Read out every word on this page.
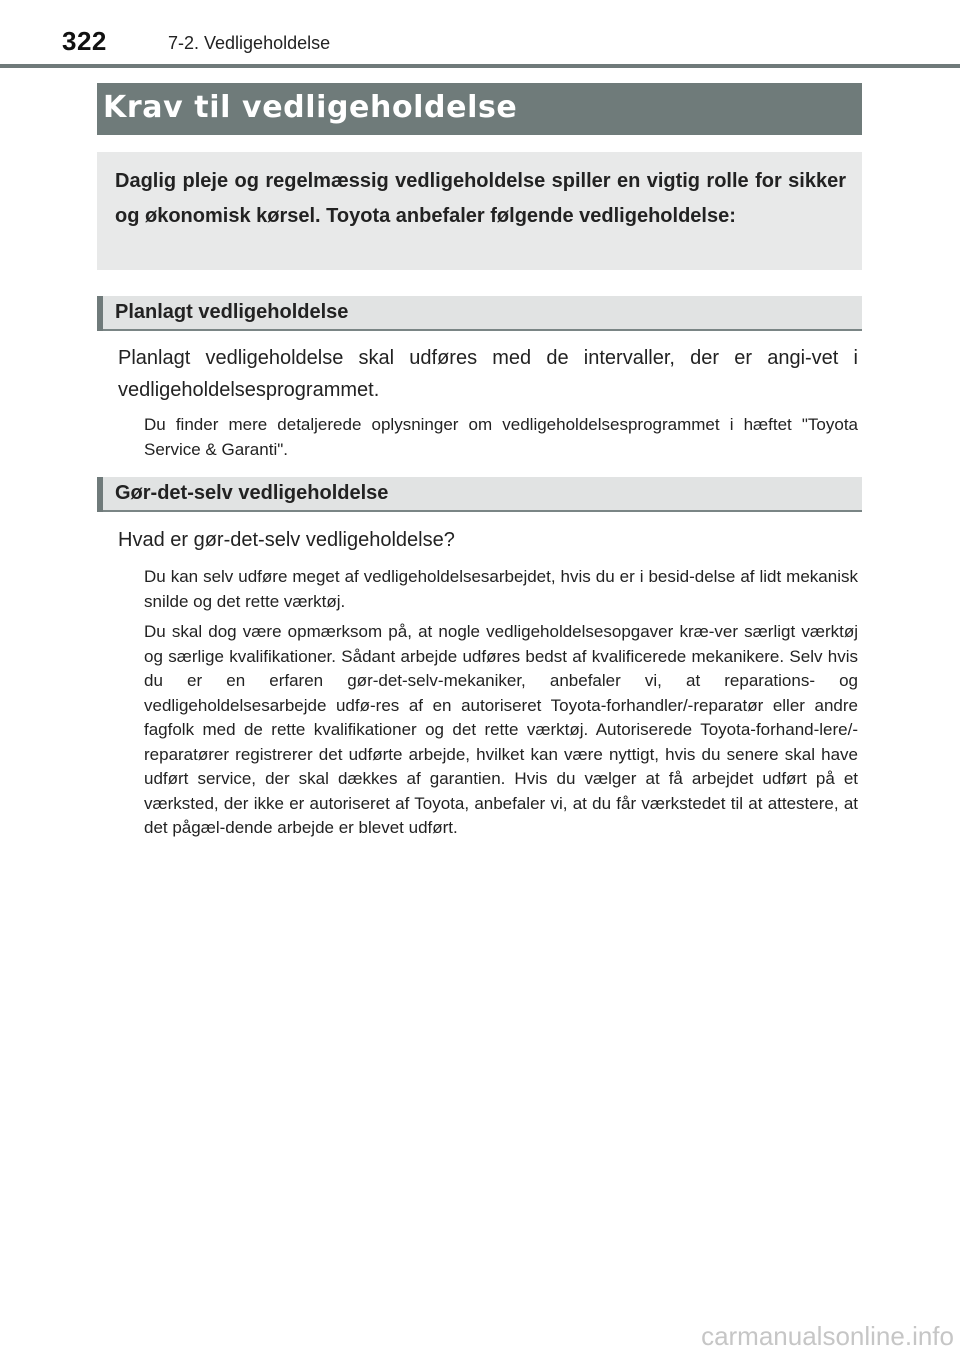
322	7-2. Vedligeholdelse
Krav til vedligeholdelse

Daglig pleje og regelmæssig vedligeholdelse spiller en vigtig rolle for sikker og økonomisk kørsel. Toyota anbefaler følgende vedligeholdelse:

Planlagt vedligeholdelse

Planlagt vedligeholdelse skal udføres med de intervaller, der er angi-vet i vedligeholdelsesprogrammet.

Du finder mere detaljerede oplysninger om vedligeholdelsesprogrammet i hæftet "Toyota Service & Garanti".

Gør-det-selv vedligeholdelse

Hvad er gør-det-selv vedligeholdelse?

Du kan selv udføre meget af vedligeholdelsesarbejdet, hvis du er i besid-delse af lidt mekanisk snilde og det rette værktøj.

Du skal dog være opmærksom på, at nogle vedligeholdelsesopgaver kræ-ver særligt værktøj og særlige kvalifikationer. Sådant arbejde udføres bedst af kvalificerede mekanikere. Selv hvis du er en erfaren gør-det-selv-mekaniker, anbefaler vi, at reparations- og vedligeholdelsesarbejde udfø-res af en autoriseret Toyota-forhandler/-reparatør eller andre fagfolk med de rette kvalifikationer og det rette værktøj. Autoriserede Toyota-forhand-lere/-reparatører registrerer det udførte arbejde, hvilket kan være nyttigt, hvis du senere skal have udført service, der skal dækkes af garantien. Hvis du vælger at få arbejdet udført på et værksted, der ikke er autoriseret af Toyota, anbefaler vi, at du får værkstedet til at attestere, at det pågæl-dende arbejde er blevet udført.

carmanualsonline.info
